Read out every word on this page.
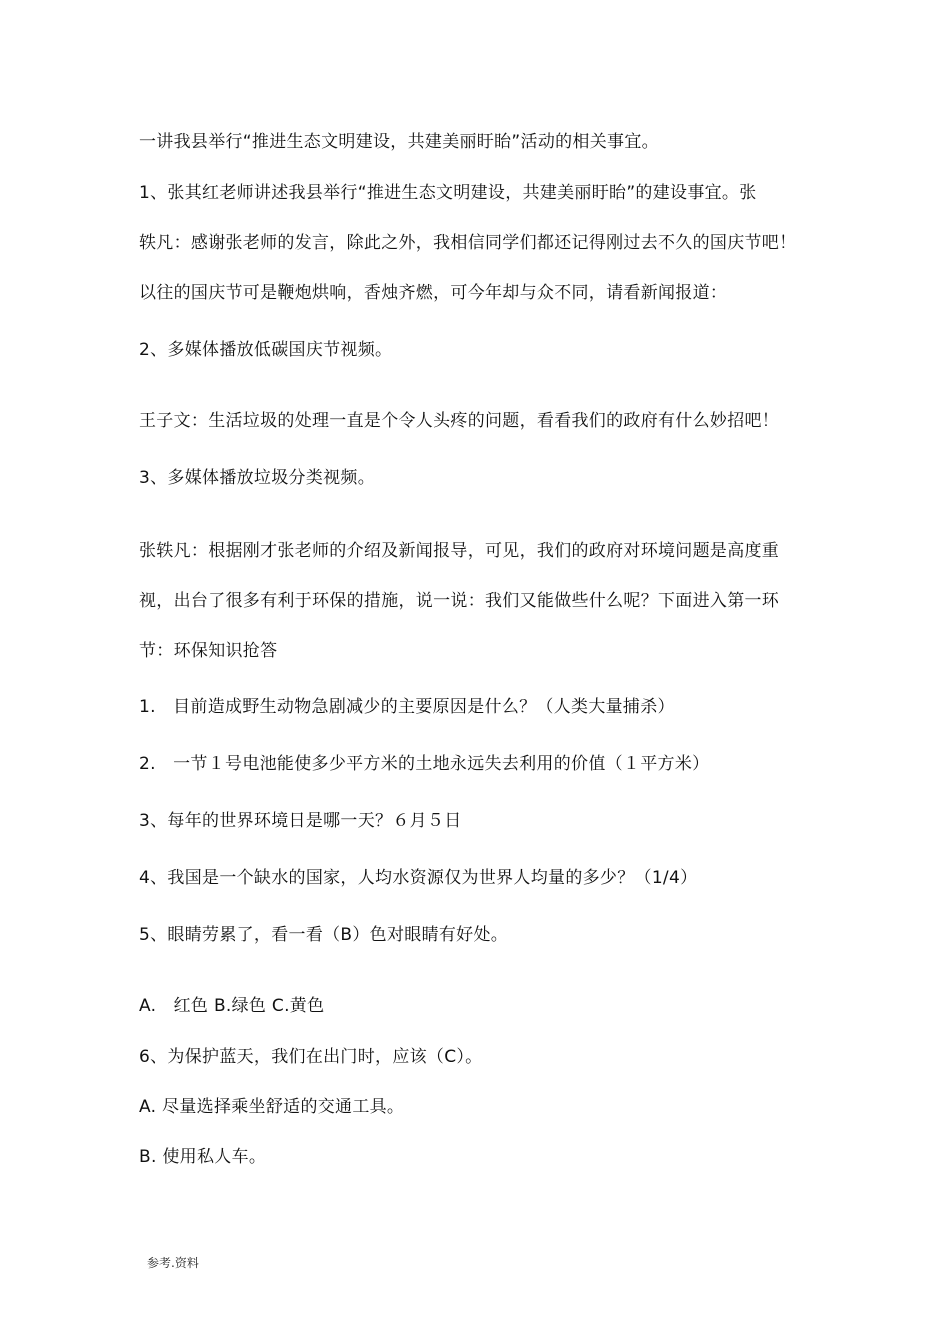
一讲我县举行“推进生态文明建设，共建美丽盱眙”活动的相关事宜。
1、张其红老师讲述我县举行“推进生态文明建设，共建美丽盱眙”的建设事宜。张
轶凡：感谢张老师的发言，除此之外，我相信同学们都还记得刚过去不久的国庆节吧！
以往的国庆节可是鞭炮烘响，香烛齐燃，可今年却与众不同，请看新闻报道：
2、多媒体播放低碳国庆节视频。
王子文：生活垃圾的处理一直是个令人头疼的问题，看看我们的政府有什么妙招吧！
3、多媒体播放垃圾分类视频。
张轶凡：根据刚才张老师的介绍及新闻报导，可见，我们的政府对环境问题是高度重
视，出台了很多有利于环保的措施，说一说：我们又能做些什么呢？下面进入第一环
节：环保知识抢答
1.　目前造成野生动物急剧减少的主要原因是什么？（人类大量捕杀）
2.　一节１号电池能使多少平方米的土地永远失去利用的价值（１平方米）
3、每年的世界环境日是哪一天？６月５日
4、我国是一个缺水的国家，人均水资源仅为世界人均量的多少？（1/4）
5、眼睛劳累了，看一看（B）色对眼睛有好处。
A.　红色 B.绿色 C.黄色
6、为保护蓝天，我们在出门时，应该（C）。
A. 尽量选择乘坐舒适的交通工具。
B. 使用私人车。
参考.资料
